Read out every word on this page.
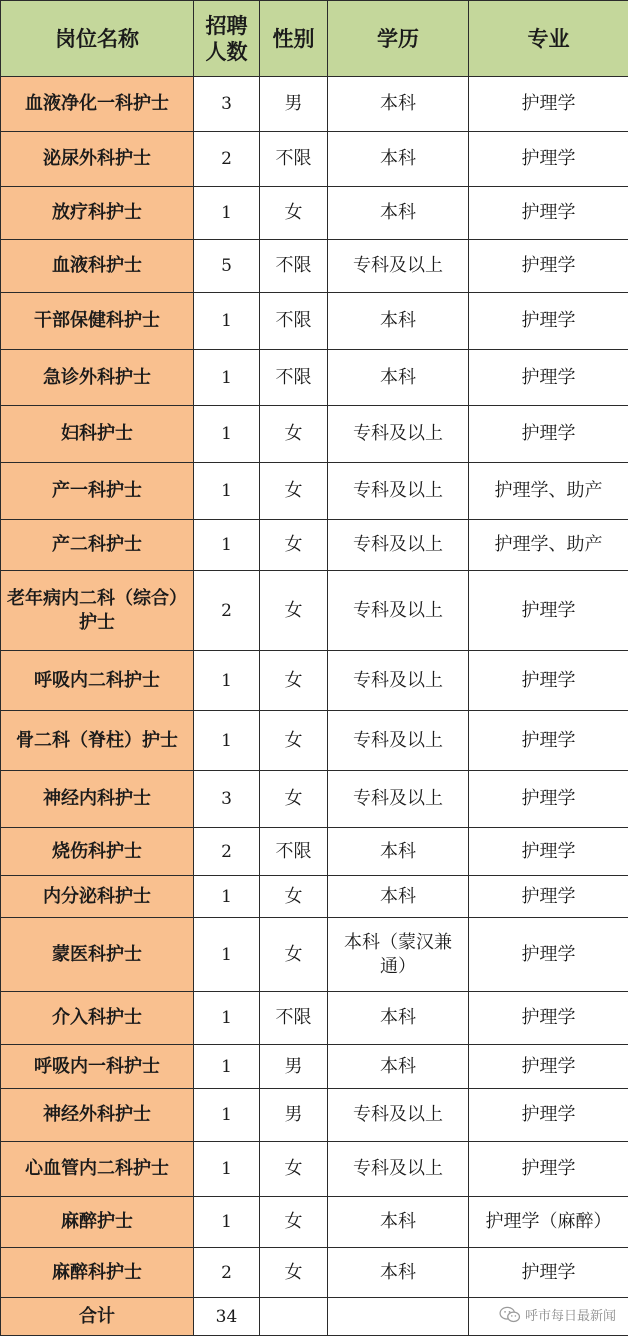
岗位名称	招聘人数	性别	学历	专业
血液净化一科护士	3	男	本科	护理学
泌尿外科护士	2	不限	本科	护理学
放疗科护士	1	女	本科	护理学
血液科护士	5	不限	专科及以上	护理学
干部保健科护士	1	不限	本科	护理学
急诊外科护士	1	不限	本科	护理学
妇科护士	1	女	专科及以上	护理学
产一科护士	1	女	专科及以上	护理学、助产
产二科护士	1	女	专科及以上	护理学、助产
老年病内二科（综合）护士	2	女	专科及以上	护理学
呼吸内二科护士	1	女	专科及以上	护理学
骨二科（脊柱）护士	1	女	专科及以上	护理学
神经内科护士	3	女	专科及以上	护理学
烧伤科护士	2	不限	本科	护理学
内分泌科护士	1	女	本科	护理学
蒙医科护士	1	女	本科（蒙汉兼通）	护理学
介入科护士	1	不限	本科	护理学
呼吸内一科护士	1	男	本科	护理学
神经外科护士	1	男	专科及以上	护理学
心血管内二科护士	1	女	专科及以上	护理学
麻醉护士	1	女	本科	护理学（麻醉）
麻醉科护士	2	女	本科	护理学
合计	34				呼市每日最新闻
